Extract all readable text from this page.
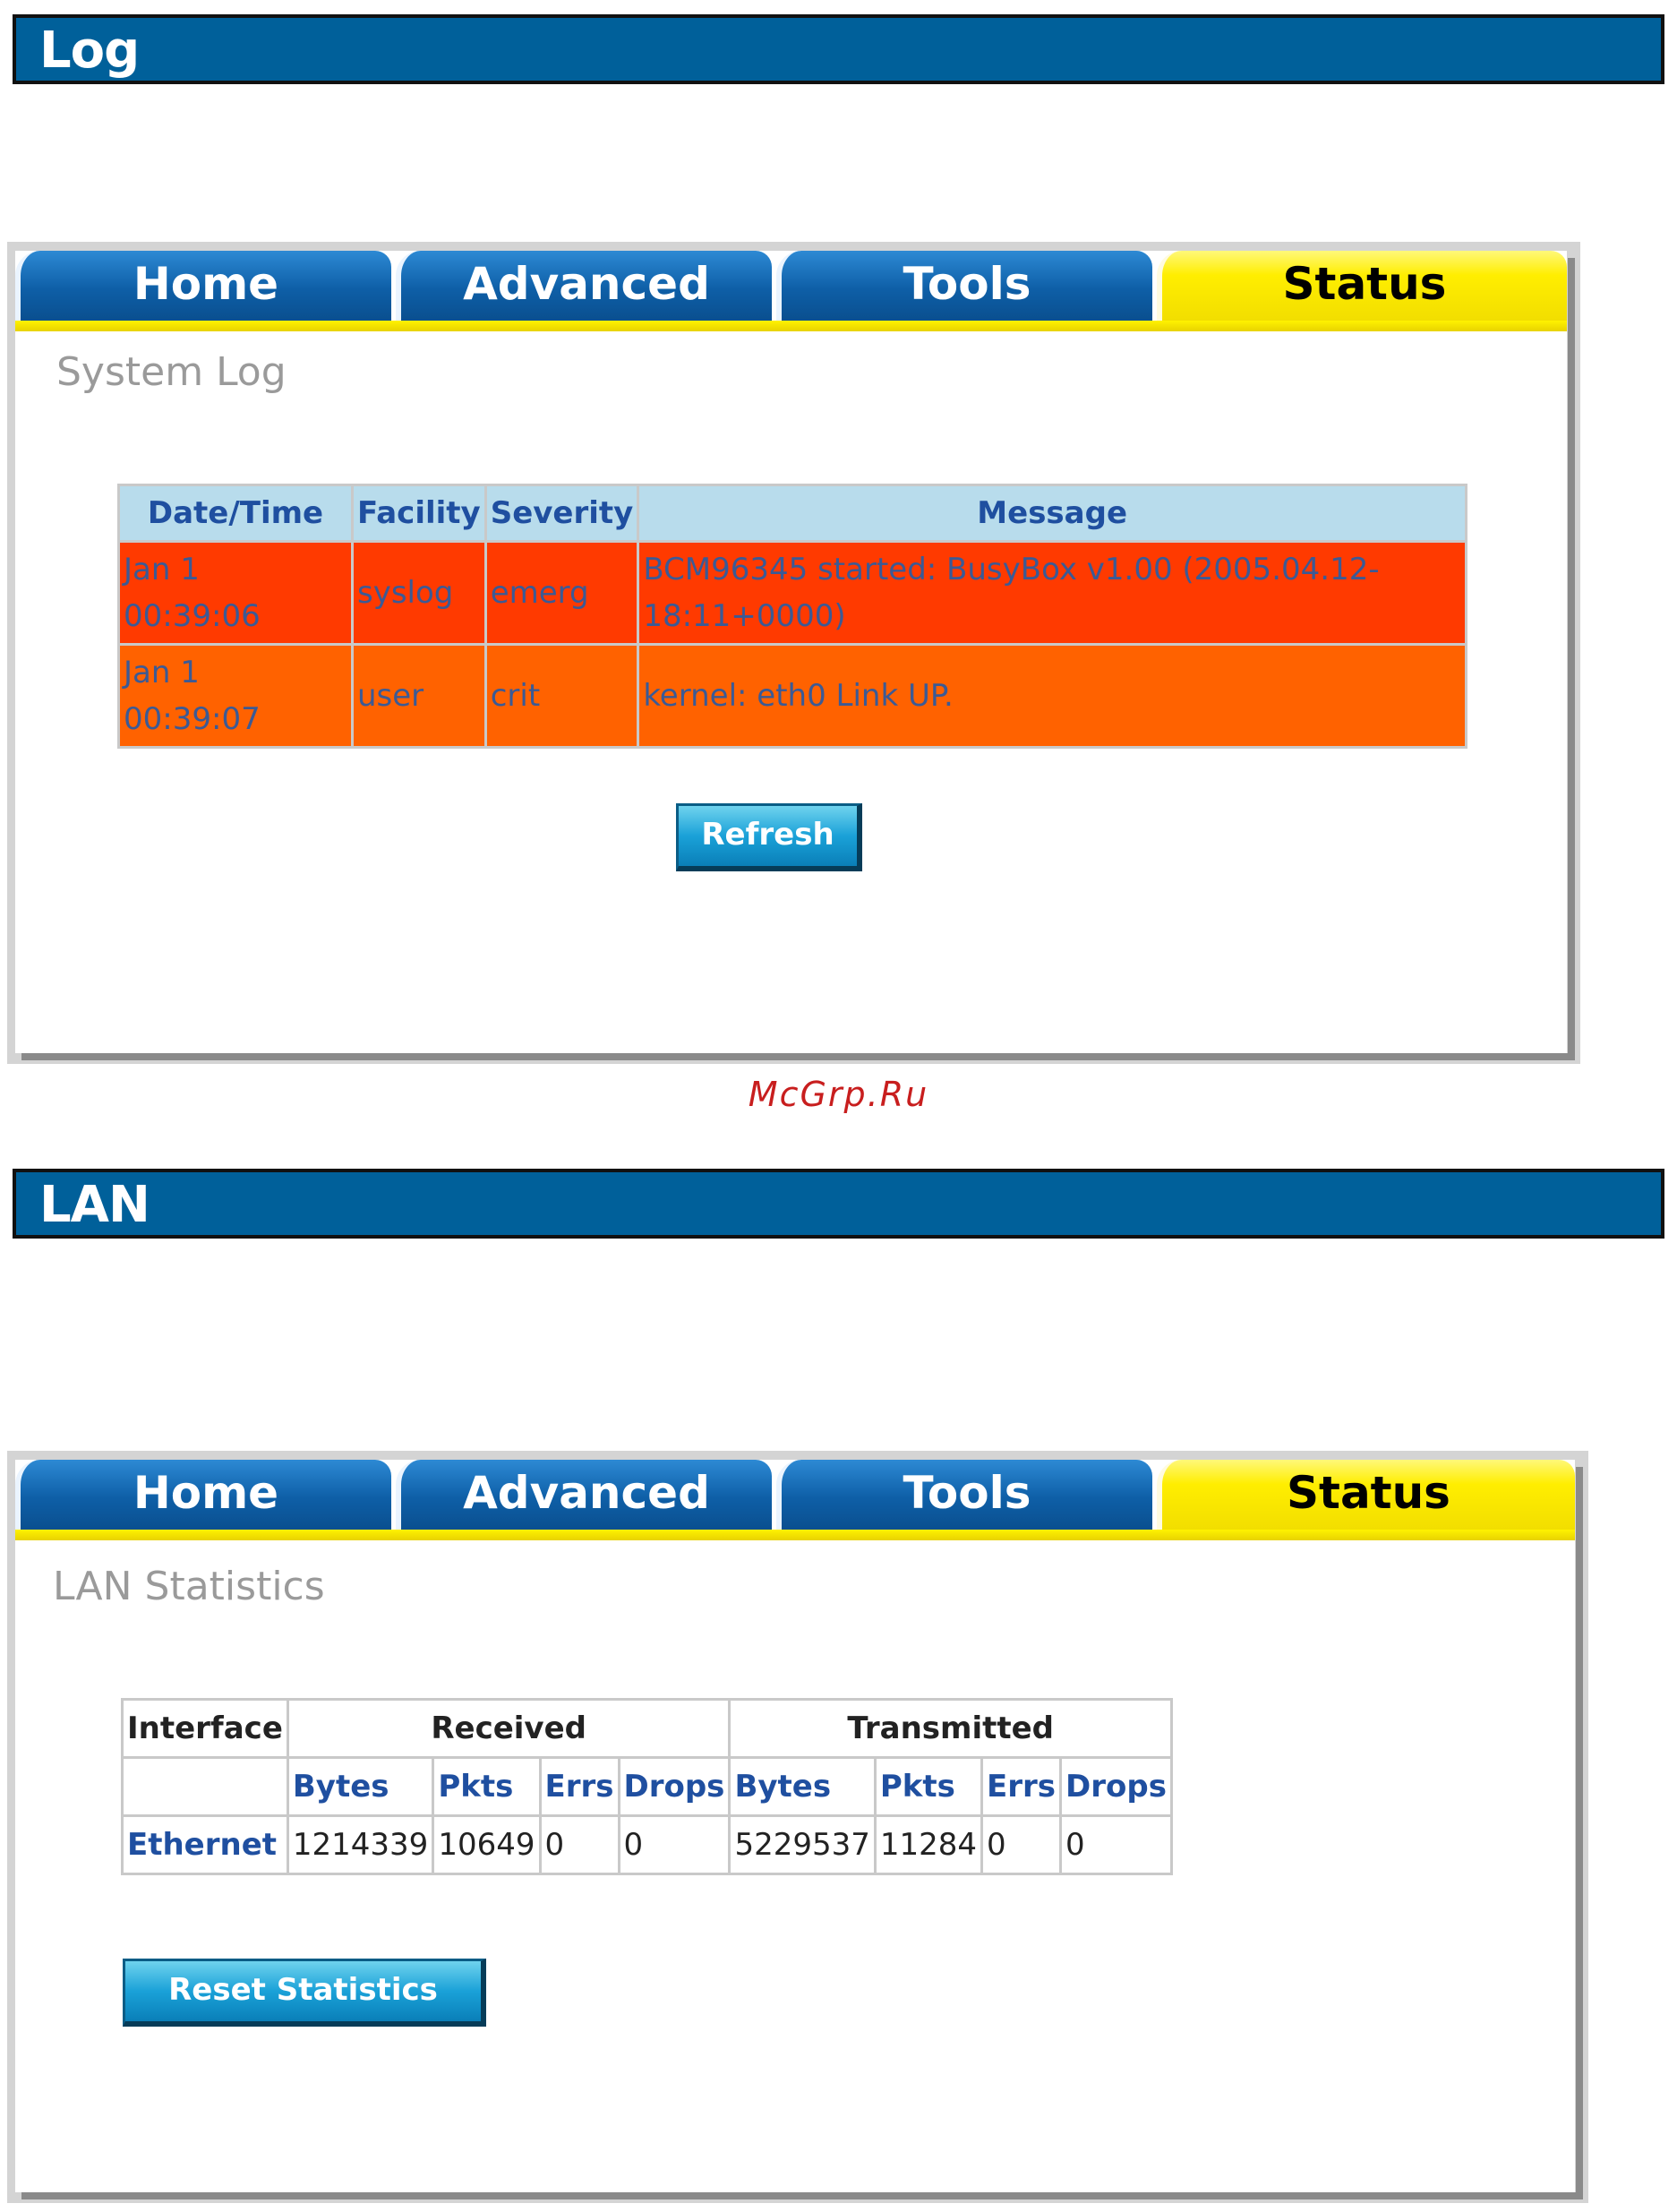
Log
Home	Advanced	Tools	Status
System Log
Date/Time	Facility	Severity	Message

Jan 1
00:39:06	syslog	emerg	BCM96345 started: BusyBox v1.00 (2005.04.12-18:11+0000)

Jan 1
00:39:07	user	crit	kernel: eth0 Link UP.
Refresh
McGrp.Ru
LAN
Home	Advanced	Tools	Status
LAN Statistics
Interface	Received				Transmitted			
	Bytes	Pkts	Errs	Drops	Bytes	Pkts	Errs	Drops
Ethernet	1214339	10649	0	0	5229537	11284	0	0
Reset Statistics
